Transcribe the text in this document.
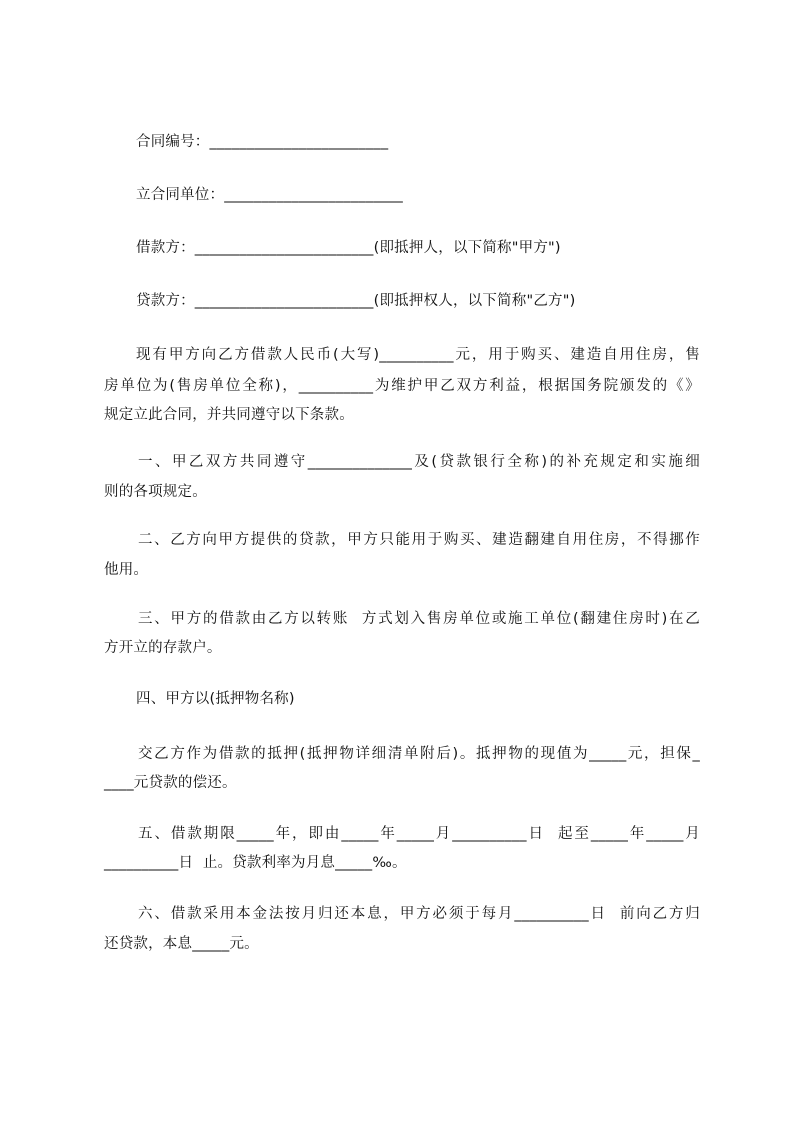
合同编号：________________________
立合同单位：________________________
借款方：________________________(即抵押人，以下简称"甲方")
贷款方：________________________(即抵押权人，以下简称"乙方")
现有甲方向乙方借款人民币(大写)__________元，用于购买、建造自用住房，售
房单位为(售房单位全称)，__________为维护甲乙双方利益，根据国务院颁发的《》
规定立此合同，并共同遵守以下条款。
一、甲乙双方共同遵守______________及(贷款银行全称)的补充规定和实施细
则的各项规定。
二、乙方向甲方提供的贷款，甲方只能用于购买、建造翻建自用住房，不得挪作
他用。
三、甲方的借款由乙方以转账  方式划入售房单位或施工单位(翻建住房时)在乙
方开立的存款户。
四、甲方以(抵押物名称)
交乙方作为借款的抵押(抵押物详细清单附后)。抵押物的现值为_____元，担保_
____元贷款的偿还。
五、借款期限_____年，即由_____年_____月__________日  起至_____年_____月
__________日  止。贷款利率为月息_____‰。
六、借款采用本金法按月归还本息，甲方必须于每月__________日  前向乙方归
还贷款，本息_____元。
